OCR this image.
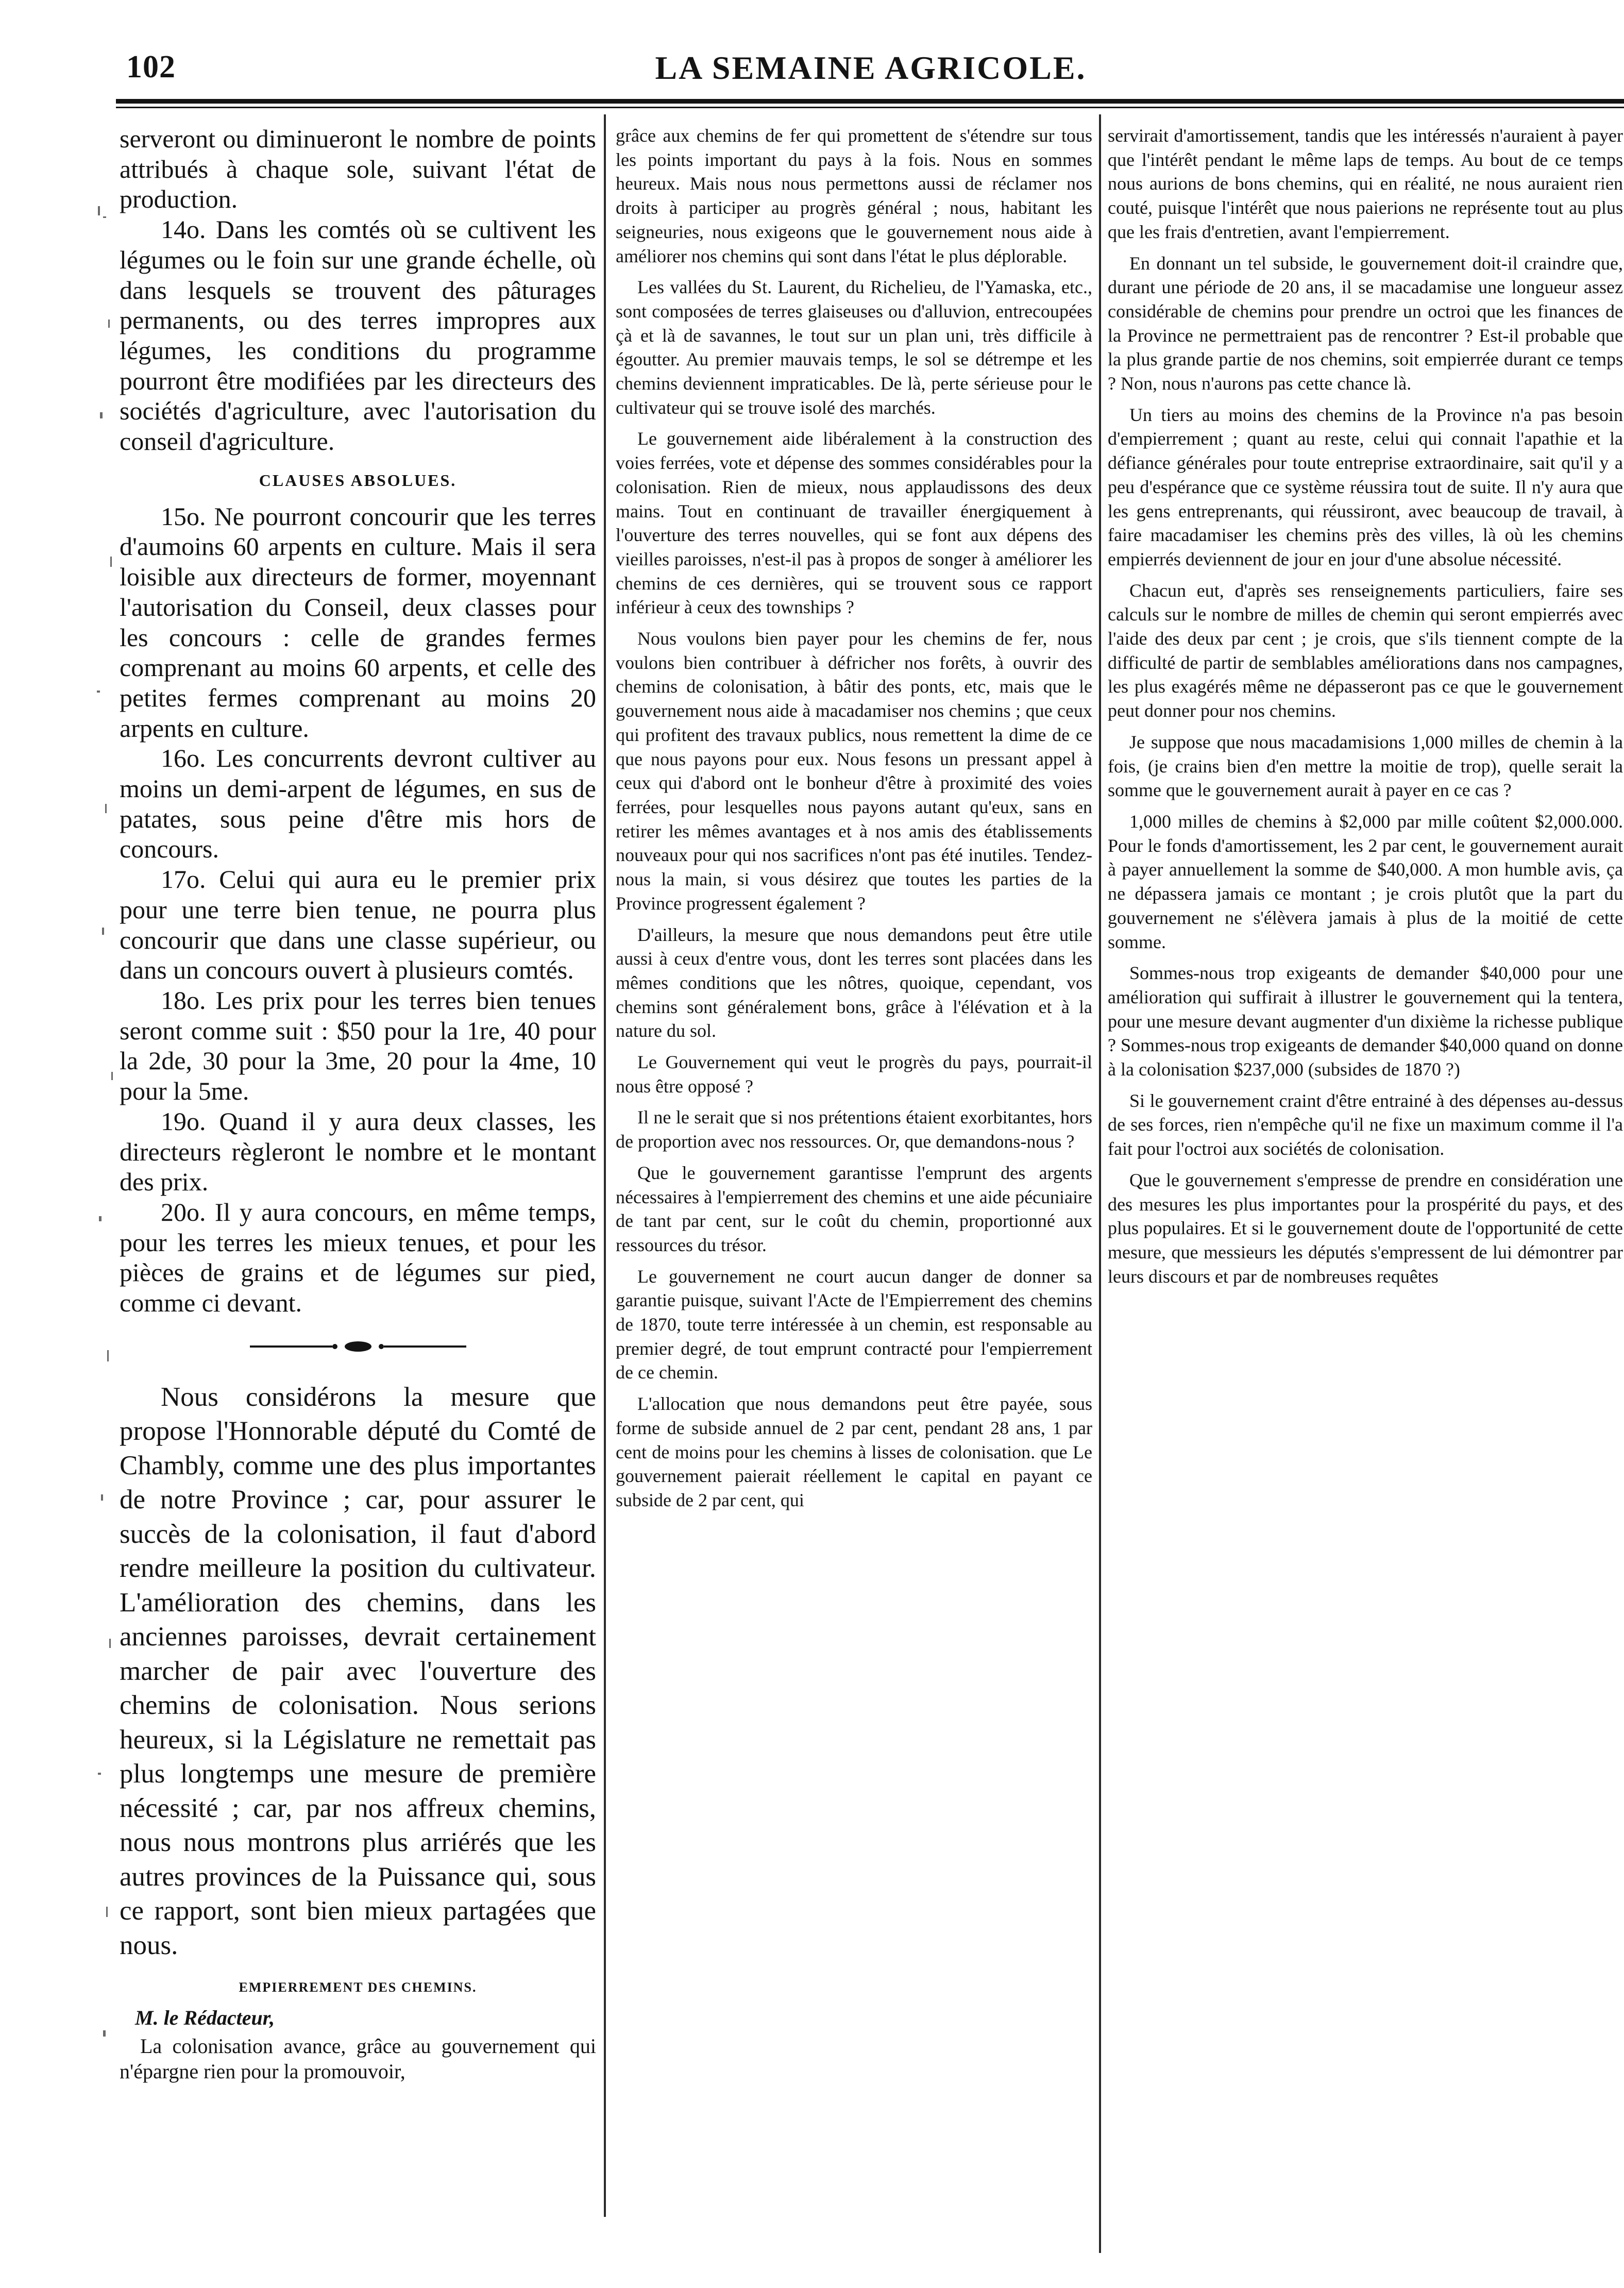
102	LA SEMAINE AGRICOLE.

serveront ou diminueront le nombre de points attribués à chaque sole, suivant l'état de production.

14o. Dans les comtés où se cultivent les légumes ou le foin sur une grande échelle, où dans lesquels se trouvent des pâturages permanents, ou des terres impropres aux légumes, les conditions du programme pourront être modifiées par les directeurs des sociétés d'agriculture, avec l'autorisation du conseil d'agriculture.

CLAUSES ABSOLUES.

15o. Ne pourront concourir que les terres d'aumoins 60 arpents en culture. Mais il sera loisible aux directeurs de former, moyennant l'autorisation du Conseil, deux classes pour les concours : celle de grandes fermes comprenant au moins 60 arpents, et celle des petites fermes comprenant au moins 20 arpents en culture.

16o. Les concurrents devront cultiver au moins un demi-arpent de légumes, en sus de patates, sous peine d'être mis hors de concours.

17o. Celui qui aura eu le premier prix pour une terre bien tenue, ne pourra plus concourir que dans une classe supérieur, ou dans un concours ouvert à plusieurs comtés.

18o. Les prix pour les terres bien tenues seront comme suit : $50 pour la 1re, 40 pour la 2de, 30 pour la 3me, 20 pour la 4me, 10 pour la 5me.

19o. Quand il y aura deux classes, les directeurs règleront le nombre et le montant des prix.

20o. Il y aura concours, en même temps, pour les terres les mieux tenues, et pour les pièces de grains et de légumes sur pied, comme ci devant.

Nous considérons la mesure que propose l'Honnorable député du Comté de Chambly, comme une des plus importantes de notre Province ; car, pour assurer le succès de la colonisation, il faut d'abord rendre meilleure la position du cultivateur. L'amélioration des chemins, dans les anciennes paroisses, devrait certainement marcher de pair avec l'ouverture des chemins de colonisation. Nous serions heureux, si la Législature ne remettait pas plus longtemps une mesure de première nécessité ; car, par nos affreux chemins, nous nous montrons plus arriérés que les autres provinces de la Puissance qui, sous ce rapport, sont bien mieux partagées que nous.

EMPIERREMENT DES CHEMINS.
M. le Rédacteur,

La colonisation avance, grâce au gouvernement qui n'épargne rien pour la promouvoir,

grâce aux chemins de fer qui promettent de s'étendre sur tous les points important du pays à la fois. Nous en sommes heureux. Mais nous nous permettons aussi de réclamer nos droits à participer au progrès général ; nous, habitant les seigneuries, nous exigeons que le gouvernement nous aide à améliorer nos chemins qui sont dans l'état le plus déplorable.

Les vallées du St. Laurent, du Richelieu, de l'Yamaska, etc., sont composées de terres glaiseuses ou d'alluvion, entrecoupées çà et là de savannes, le tout sur un plan uni, très difficile à égoutter. Au premier mauvais temps, le sol se détrempe et les chemins deviennent impraticables. De là, perte sérieuse pour le cultivateur qui se trouve isolé des marchés.

Le gouvernement aide libéralement à la construction des voies ferrées, vote et dépense des sommes considérables pour la colonisation. Rien de mieux, nous applaudissons des deux mains. Tout en continuant de travailler énergiquement à l'ouverture des terres nouvelles, qui se font aux dépens des vieilles paroisses, n'est-il pas à propos de songer à améliorer les chemins de ces dernières, qui se trouvent sous ce rapport inférieur à ceux des townships ?

Nous voulons bien payer pour les chemins de fer, nous voulons bien contribuer à défricher nos forêts, à ouvrir des chemins de colonisation, à bâtir des ponts, etc, mais que le gouvernement nous aide à macadamiser nos chemins ; que ceux qui profitent des travaux publics, nous remettent la dime de ce que nous payons pour eux. Nous fesons un pressant appel à ceux qui d'abord ont le bonheur d'être à proximité des voies ferrées, pour lesquelles nous payons autant qu'eux, sans en retirer les mêmes avantages et à nos amis des établissements nouveaux pour qui nos sacrifices n'ont pas été inutiles. Tendez-nous la main, si vous désirez que toutes les parties de la Province progressent également ?

D'ailleurs, la mesure que nous demandons peut être utile aussi à ceux d'entre vous, dont les terres sont placées dans les mêmes conditions que les nôtres, quoique, cependant, vos chemins sont généralement bons, grâce à l'élévation et à la nature du sol.

Le Gouvernement qui veut le progrès du pays, pourrait-il nous être opposé ?

Il ne le serait que si nos prétentions étaient exorbitantes, hors de proportion avec nos ressources. Or, que demandons-nous ?

Que le gouvernement garantisse l'emprunt des argents nécessaires à l'empierrement des chemins et une aide pécuniaire de tant par cent, sur le coût du chemin, proportionné aux ressources du trésor.

Le gouvernement ne court aucun danger de donner sa garantie puisque, suivant l'Acte de l'Empierrement des chemins de 1870, toute terre intéressée à un chemin, est responsable au premier degré, de tout emprunt contracté pour l'empierrement de ce chemin.

L'allocation que nous demandons peut être payée, sous forme de subside annuel de 2 par cent, pendant 28 ans, 1 par cent de moins pour les chemins à lisses de colonisation. que Le gouvernement paierait réellement le capital en payant ce subside de 2 par cent, qui

servirait d'amortissement, tandis que les intéressés n'auraient à payer que l'intérêt pendant le même laps de temps. Au bout de ce temps nous aurions de bons chemins, qui en réalité, ne nous auraient rien couté, puisque l'intérêt que nous paierions ne représente tout au plus que les frais d'entretien, avant l'empierrement.

En donnant un tel subside, le gouvernement doit-il craindre que, durant une période de 20 ans, il se macadamise une longueur assez considérable de chemins pour prendre un octroi que les finances de la Province ne permettraient pas de rencontrer ? Est-il probable que la plus grande partie de nos chemins, soit empierrée durant ce temps ? Non, nous n'aurons pas cette chance là.

Un tiers au moins des chemins de la Province n'a pas besoin d'empierrement ; quant au reste, celui qui connait l'apathie et la défiance générales pour toute entreprise extraordinaire, sait qu'il y a peu d'espérance que ce système réussira tout de suite. Il n'y aura que les gens entreprenants, qui réussiront, avec beaucoup de travail, à faire macadamiser les chemins près des villes, là où les chemins empierrés deviennent de jour en jour d'une absolue nécessité.

Chacun eut, d'après ses renseignements particuliers, faire ses calculs sur le nombre de milles de chemin qui seront empierrés avec l'aide des deux par cent ; je crois, que s'ils tiennent compte de la difficulté de partir de semblables améliorations dans nos campagnes, les plus exagérés même ne dépasseront pas ce que le gouvernement peut donner pour nos chemins.

Je suppose que nous macadamisions 1,000 milles de chemin à la fois, (je crains bien d'en mettre la moitie de trop), quelle serait la somme que le gouvernement aurait à payer en ce cas ?

1,000 milles de chemins à $2,000 par mille coûtent $2,000.000. Pour le fonds d'amortissement, les 2 par cent, le gouvernement aurait à payer annuellement la somme de $40,000. A mon humble avis, ça ne dépassera jamais ce montant ; je crois plutôt que la part du gouvernement ne s'élèvera jamais à plus de la moitié de cette somme.

Sommes-nous trop exigeants de demander $40,000 pour une amélioration qui suffirait à illustrer le gouvernement qui la tentera, pour une mesure devant augmenter d'un dixième la richesse publique ? Sommes-nous trop exigeants de demander $40,000 quand on donne à la colonisation $237,000 (subsides de 1870 ?)

Si le gouvernement craint d'être entrainé à des dépenses au-dessus de ses forces, rien n'empêche qu'il ne fixe un maximum comme il l'a fait pour l'octroi aux sociétés de colonisation.

Que le gouvernement s'empresse de prendre en considération une des mesures les plus importantes pour la prospérité du pays, et des plus populaires. Et si le gouvernement doute de l'opportunité de cette mesure, que messieurs les députés s'empressent de lui démontrer par leurs discours et par de nombreuses requêtes
